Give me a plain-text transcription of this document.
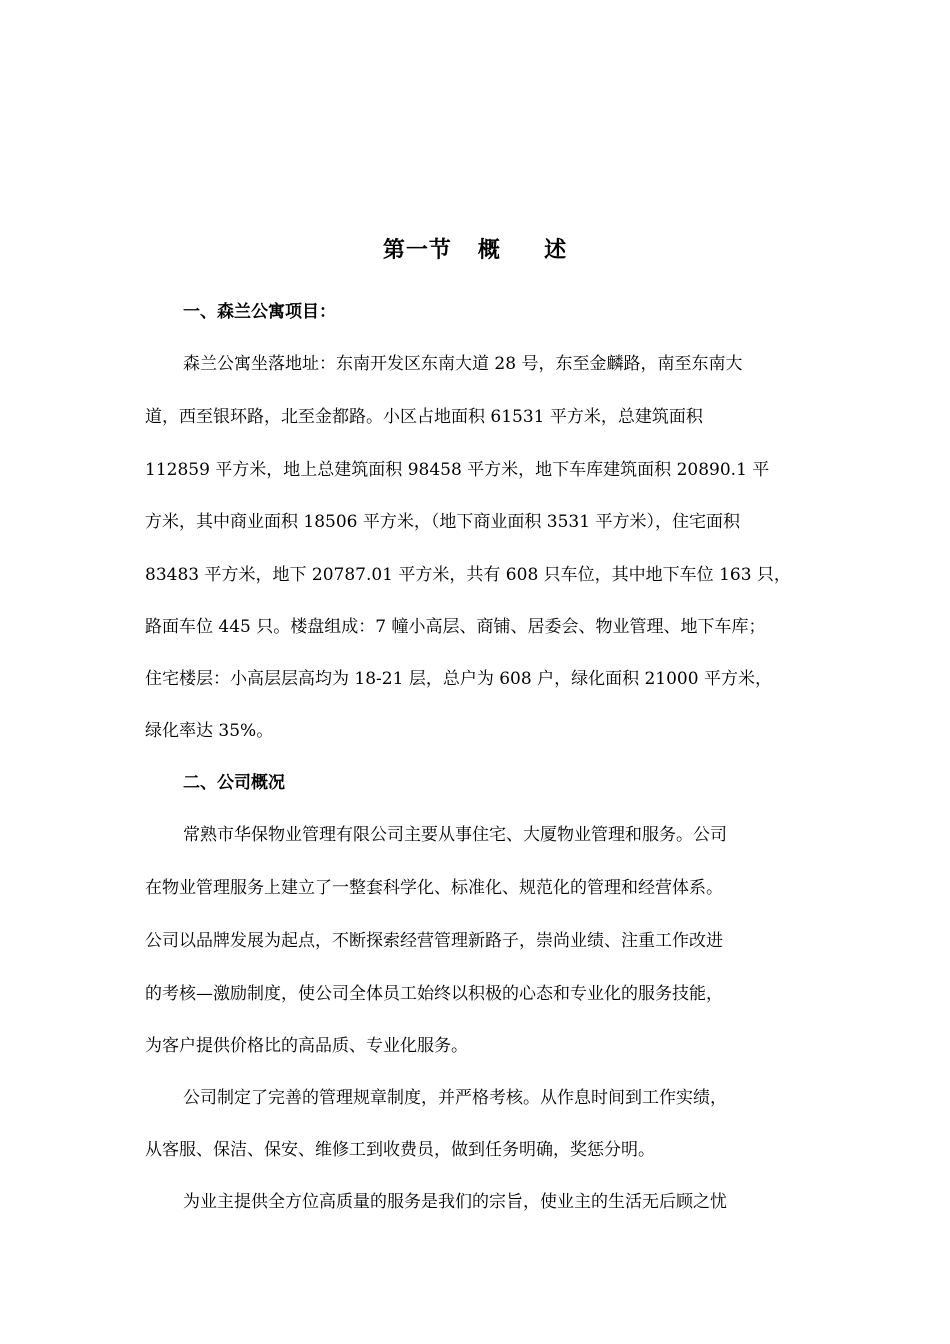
第一节   概     述
一、森兰公寓项目：
森兰公寓坐落地址：东南开发区东南大道 28 号，东至金麟路，南至东南大
道，西至银环路，北至金都路。小区占地面积 61531 平方米，总建筑面积
112859 平方米，地上总建筑面积 98458 平方米，地下车库建筑面积 20890.1 平
方米，其中商业面积 18506 平方米，（地下商业面积 3531 平方米），住宅面积
83483 平方米，地下 20787.01 平方米，共有 608 只车位，其中地下车位 163 只，
路面车位 445 只。楼盘组成：7 幢小高层、商铺、居委会、物业管理、地下车库；
住宅楼层：小高层层高均为 18-21 层，总户为 608 户，绿化面积 21000 平方米，
绿化率达 35%。
二、公司概况
常熟市华保物业管理有限公司主要从事住宅、大厦物业管理和服务。公司
在物业管理服务上建立了一整套科学化、标准化、规范化的管理和经营体系。
公司以品牌发展为起点，不断探索经营管理新路子，崇尚业绩、注重工作改进
的考核—激励制度，使公司全体员工始终以积极的心态和专业化的服务技能，
为客户提供价格比的高品质、专业化服务。
公司制定了完善的管理规章制度，并严格考核。从作息时间到工作实绩，
从客服、保洁、保安、维修工到收费员，做到任务明确，奖惩分明。
为业主提供全方位高质量的服务是我们的宗旨，使业主的生活无后顾之忧
